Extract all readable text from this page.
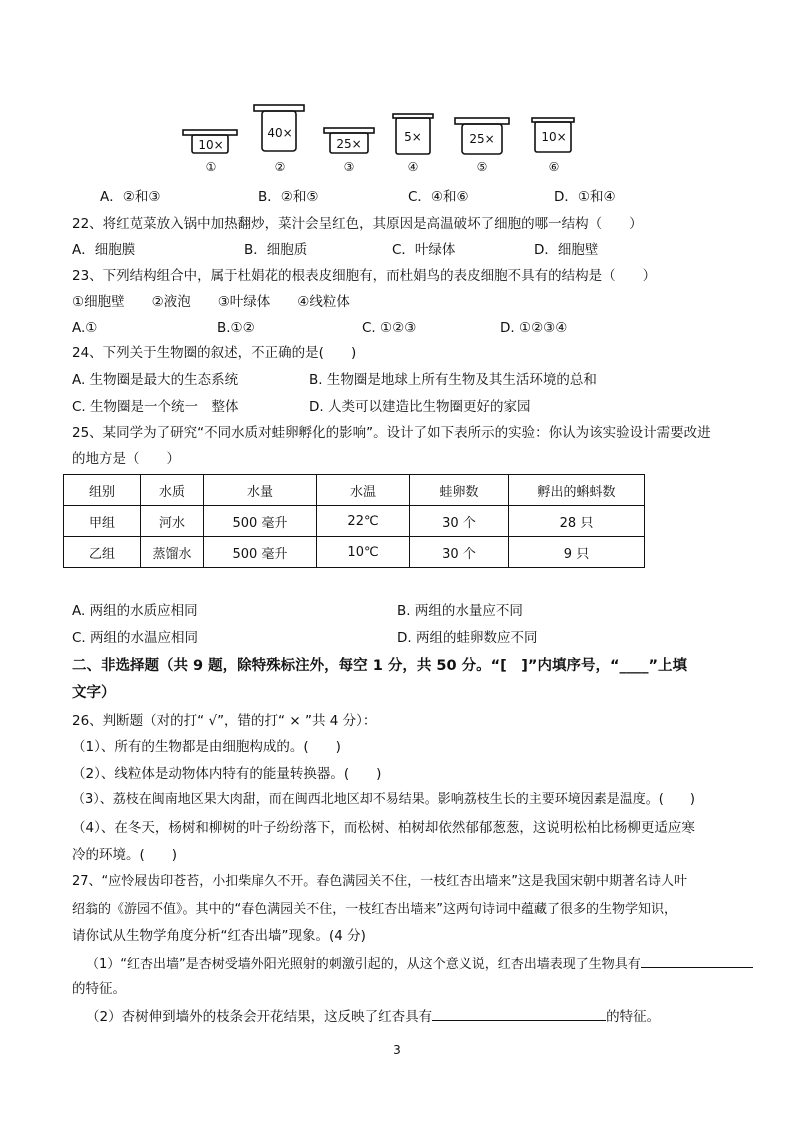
10×
①
40×
②
25×
③
5×
④
25×
⑤
10×
⑥
A．②和③	B．②和⑤	C．④和⑥	D．①和④
22、将红苋菜放入锅中加热翻炒，菜汁会呈红色，其原因是高温破坏了细胞的哪一结构（　　）
A．细胞膜	B．细胞质	C．叶绿体	D．细胞壁
23、下列结构组合中，属于杜娟花的根表皮细胞有，而杜娟鸟的表皮细胞不具有的结构是（　　）
①细胞壁　　②液泡　　③叶绿体　　④线粒体
A.①	B.①②	C. ①②③	D. ①②③④
24、下列关于生物圈的叙述，不正确的是(　　)
A. 生物圈是最大的生态系统	B. 生物圈是地球上所有生物及其生活环境的总和
C. 生物圈是一个统一　整体	D. 人类可以建造比生物圈更好的家园
25、某同学为了研究“不同水质对蛙卵孵化的影响”。设计了如下表所示的实验：你认为该实验设计需要改进
的地方是（　　）
组别	水质	水量	水温	蛙卵数	孵出的蝌蚪数
甲组	河水	500 毫升	22℃	30 个	28 只
乙组	蒸馏水	500 毫升	10℃	30 个	9 只
A. 两组的水质应相同	B. 两组的水量应不同
C. 两组的水温应相同	D. 两组的蛙卵数应不同
二、非选择题（共 9 题，除特殊标注外，每空 1 分，共 50 分。“[　]”内填序号，“____”上填
文字）
26、判断题（对的打“ √”，错的打“ × ”共 4 分）：
（1）、所有的生物都是由细胞构成的。(　　)
（2）、线粒体是动物体内特有的能量转换器。(　　)
（3）、荔枝在闽南地区果大肉甜，而在闽西北地区却不易结果。影响荔枝生长的主要环境因素是温度。(　　)
（4）、在冬天，杨树和柳树的叶子纷纷落下，而松树、柏树却依然郁郁葱葱，这说明松柏比杨柳更适应寒
冷的环境。(　　)
27、“应怜屐齿印苍苔，小扣柴扉久不开。春色满园关不住，一枝红杏出墙来”这是我国宋朝中期著名诗人叶
绍翁的《游园不值》。其中的“春色满园关不住，一枝红杏出墙来”这两句诗词中蕴藏了很多的生物学知识，
请你试从生物学角度分析“红杏出墙”现象。(4 分)
（1）“红杏出墙”是杏树受墙外阳光照射的刺激引起的，从这个意义说，红杏出墙表现了生物具有
的特征。
（2）杏树伸到墙外的枝条会开花结果，这反映了红杏具有	的特征。
3
